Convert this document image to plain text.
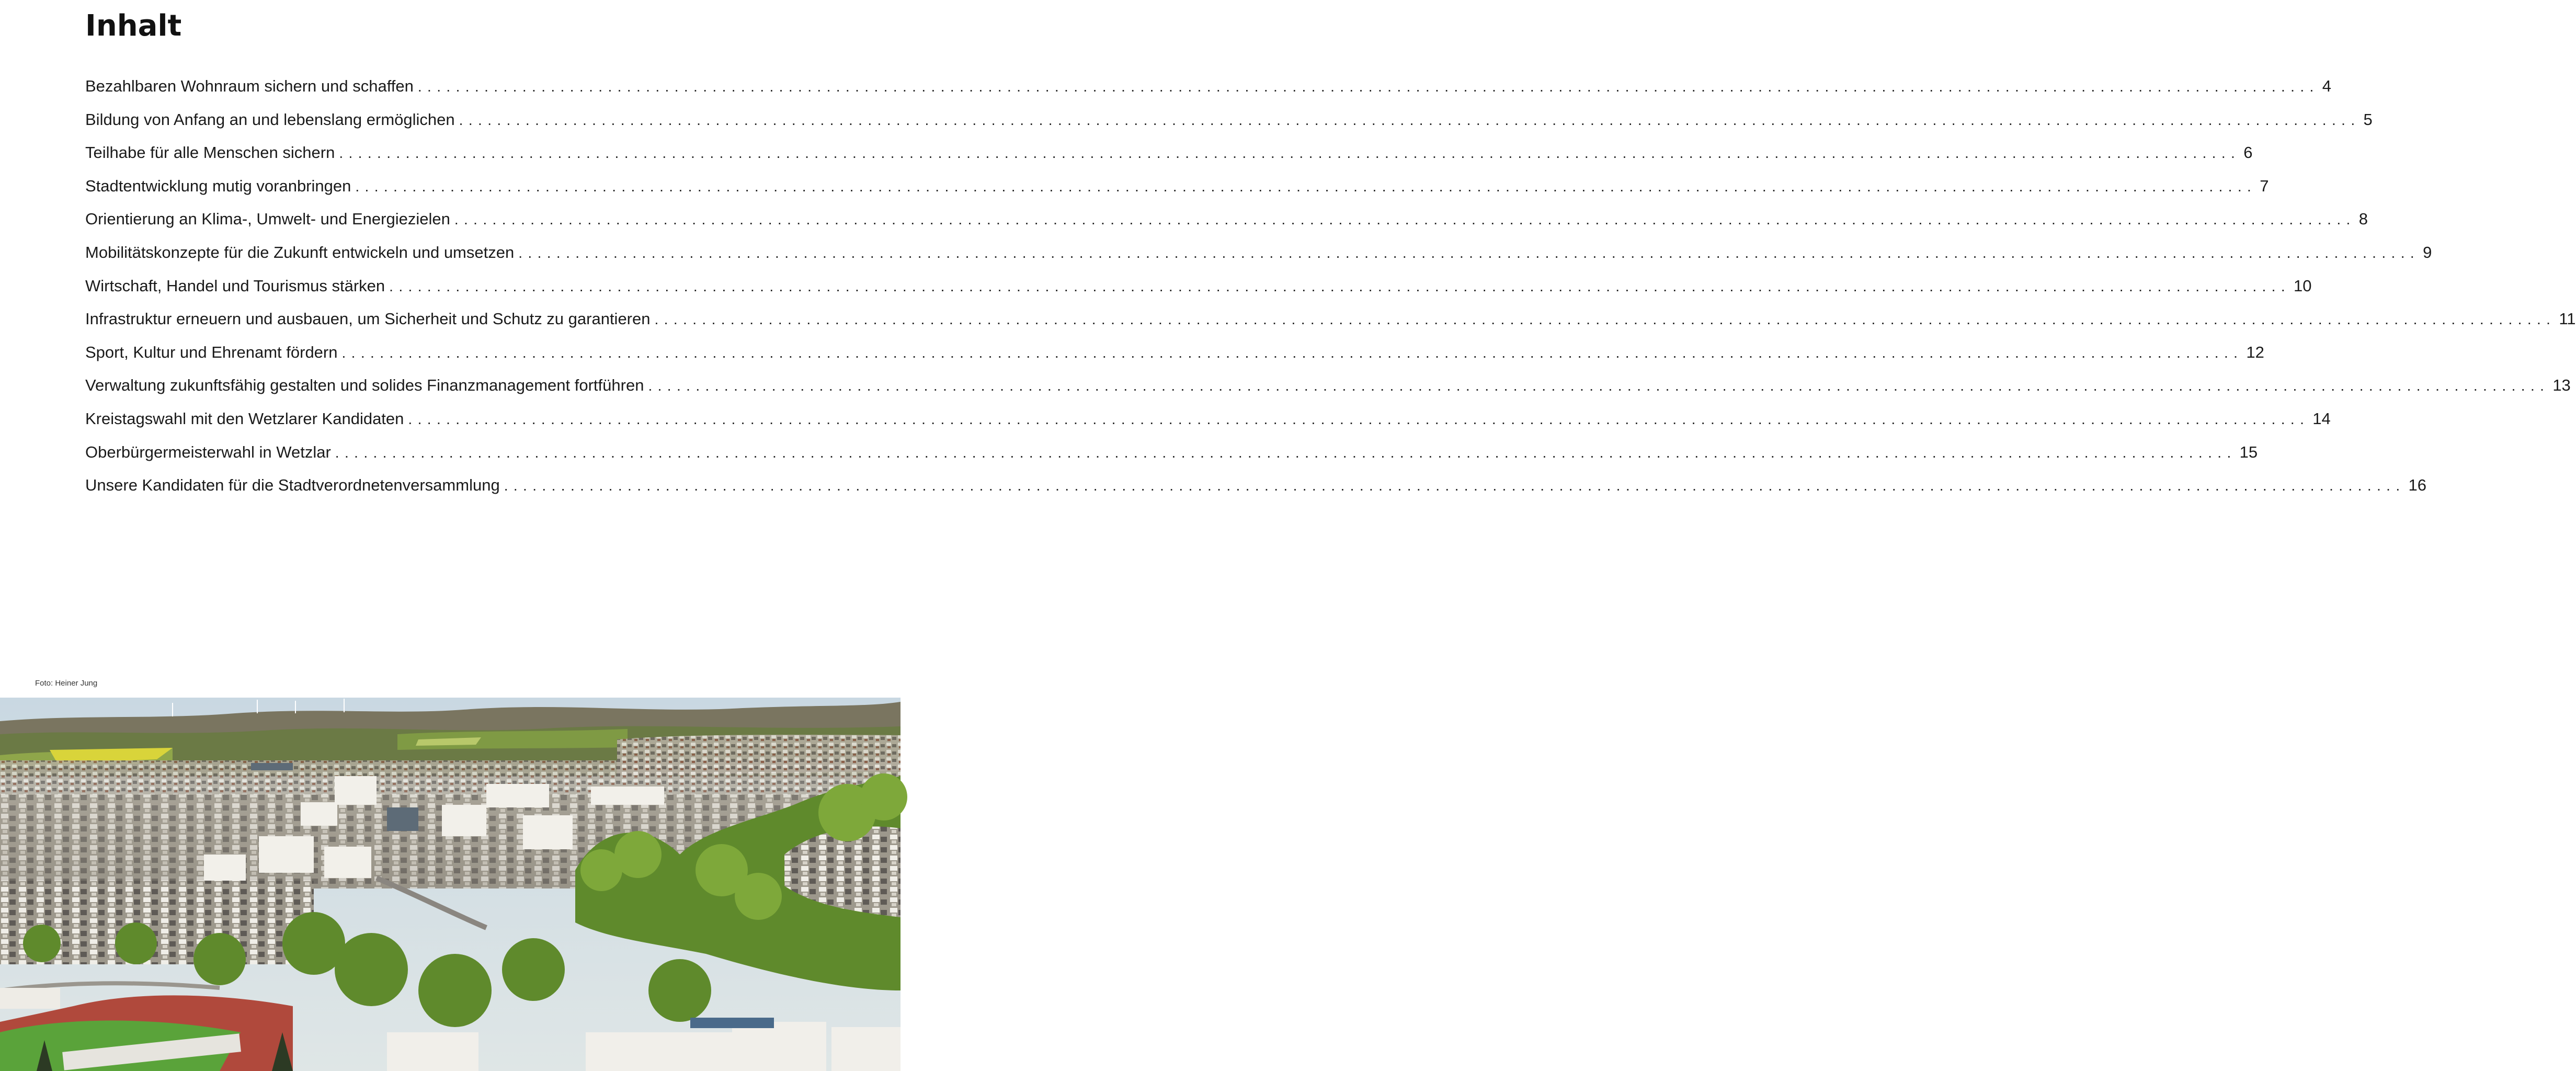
Inhalt
Bezahlbaren Wohnraum sichern und schaffen ........................................................................................................................................................................................................ 4
Bildung von Anfang an und lebenslang ermöglichen ........................................................................................................................................................................................................ 5
Teilhabe für alle Menschen sichern ........................................................................................................................................................................................................ 6
Stadtentwicklung mutig voranbringen ........................................................................................................................................................................................................ 7
Orientierung an Klima-, Umwelt- und Energiezielen ........................................................................................................................................................................................................ 8
Mobilitätskonzepte für die Zukunft entwickeln und umsetzen ........................................................................................................................................................................................................ 9
Wirtschaft, Handel und Tourismus stärken ........................................................................................................................................................................................................ 10
Infrastruktur erneuern und ausbauen, um Sicherheit und Schutz zu garantieren ........................................................................................................................................................................................................ 11
Sport, Kultur und Ehrenamt fördern ........................................................................................................................................................................................................ 12
Verwaltung zukunftsfähig gestalten und solides Finanzmanagement fortführen ........................................................................................................................................................................................................ 13
Kreistagswahl mit den Wetzlarer Kandidaten ........................................................................................................................................................................................................ 14
Oberbürgermeisterwahl in Wetzlar ........................................................................................................................................................................................................ 15
Unsere Kandidaten für die Stadtverordnetenversammlung ........................................................................................................................................................................................................ 16
Foto: Heiner Jung
